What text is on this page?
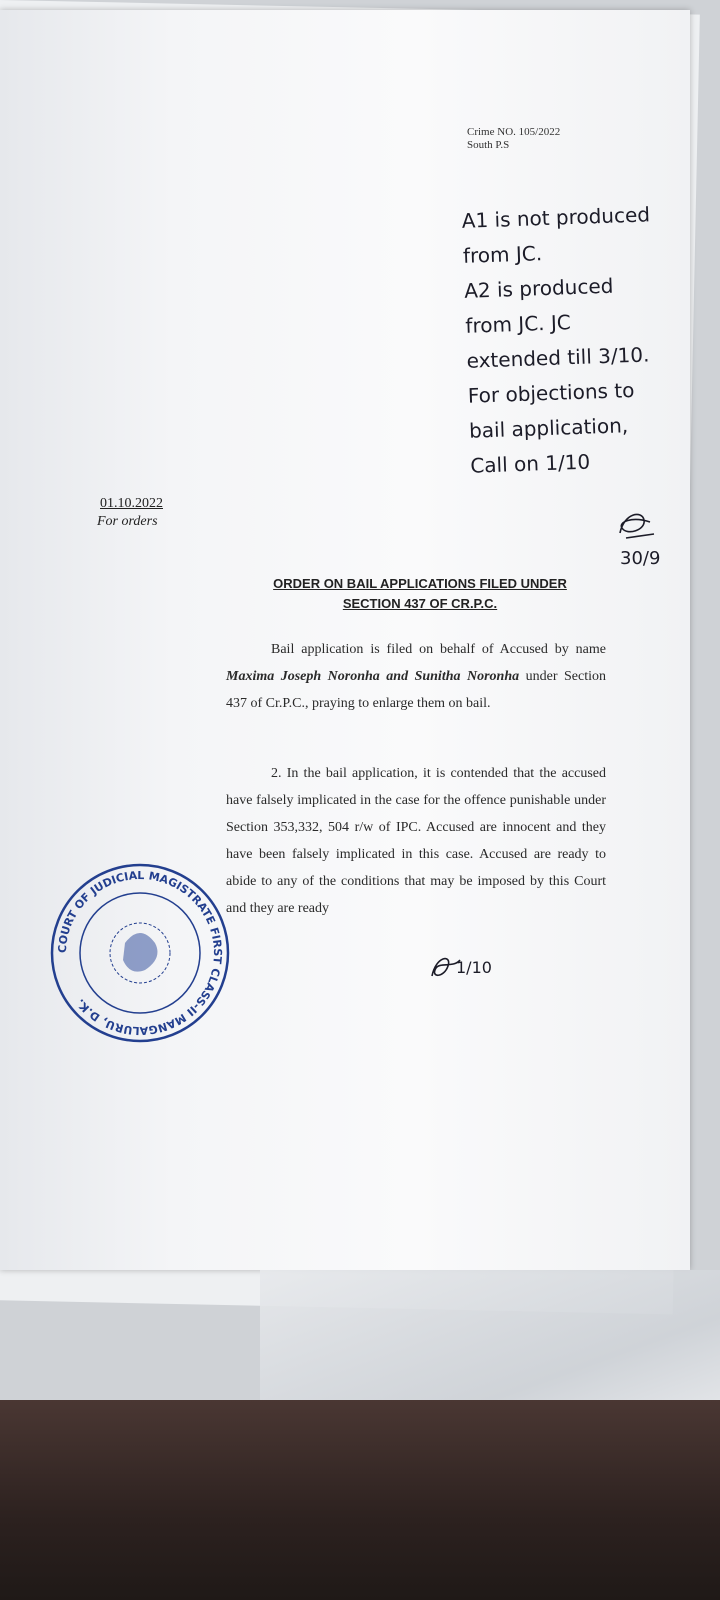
Crime NO. 105/2022
South P.S
A1 is not produced
from JC.
A2 is produced
from JC. JC
extended till 3/10.
For objections to
bail application,
Call on 1/10
30/9
01.10.2022
For orders
ORDER ON BAIL APPLICATIONS FILED UNDER
SECTION 437 OF CR.P.C.
Bail application is filed on behalf of Accused by name Maxima Joseph Noronha and Sunitha Noronha under Section 437 of Cr.P.C., praying to enlarge them on bail.
2. In the bail application, it is contended that the accused have falsely implicated in the case for the offence punishable under Section 353,332, 504 r/w of IPC. Accused are innocent and they have been falsely implicated in this case. Accused are ready to abide to any of the conditions that may be imposed by this Court and they are ready
COURT OF JUDICIAL MAGISTRATE FIRST CLASS-II MANGALURU, D.K.
1/10
